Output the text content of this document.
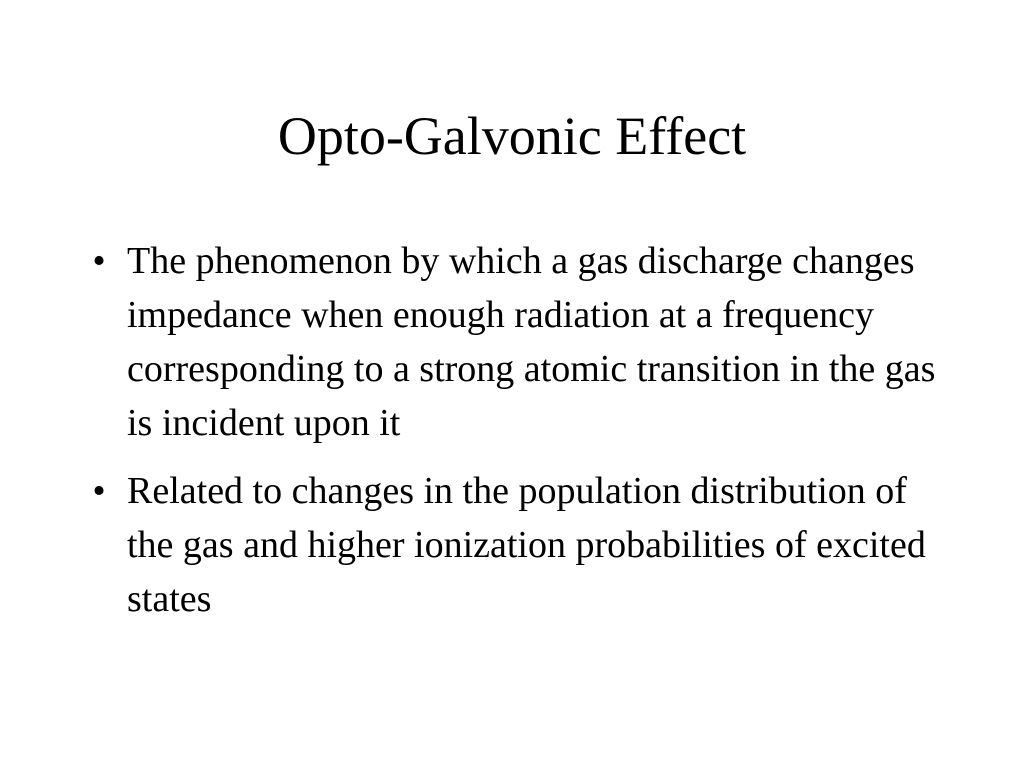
Opto-Galvonic Effect
• The phenomenon by which a gas discharge changes impedance when enough radiation at a frequency corresponding to a strong atomic transition in the gas is incident upon it
• Related to changes in the population distribution of the gas and higher ionization probabilities of excited states
